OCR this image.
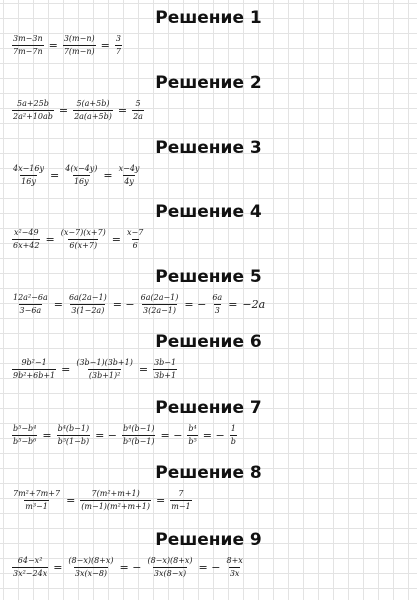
Решение 1
$\frac{3m-3n}{7m-7n} = \frac{3(m-n)}{7(m-n)} = \frac{3}{7}$
Решение 2
$\frac{5a+25b}{\text{2a²+10ab}} = \frac{5(a+5b)}{2a(a+5b)} = \frac{5}{2a}$
Решение 3
$\frac{4x-16y}{16y} = \frac{4(x-4y)}{16y} = \frac{x-4y}{4y}$
Решение 4
$\frac{\text{x²−49}}{6x+42} = \frac{(x-7)(x+7)}{6(x+7)} = \frac{x-7}{6}$
Решение 5
$\frac{\text{12a²−6a}}{3-6a} = \frac{6a(2a-1)}{3(1-2a)}$ = − $\frac{6a(2a-1)}{3(2a-1)}$ = − $\frac{6a}{3} = -2a$
Решение 6
$\frac{\text{9b²−1}}{\text{9b²+6b+1}} = \frac{(3b-1)(3b+1)}{\text{(3b+1)²}} = \frac{3b-1}{3b+1}$
Решение 7
$\frac{\text{b⁵−b⁴}}{\text{b⁵−b⁶}} = \frac{\text{b⁴(b−1)}}{\text{b⁵(1−b)}}$ = − $\frac{\text{b⁴(b−1)}}{\text{b⁵(b−1)}}$ = − $\frac{\text{b⁴}}{\text{b⁵}}$ = − $\frac{1}{b}$
Решение 8
$\frac{\text{7m²+7m+7}}{\text{m³−1}} = \frac{\text{7(m²+m+1)}}{\text{(m−1)(m²+m+1)}} = \frac{7}{m-1}$
Решение 9
$\frac{\text{64−x²}}{\text{3x²−24x}} = \frac{(8-x)(8+x)}{3x(x-8)}$ = − $\frac{(8-x)(8+x)}{3x(8-x)}$ = − $\frac{8+x}{3x}$
